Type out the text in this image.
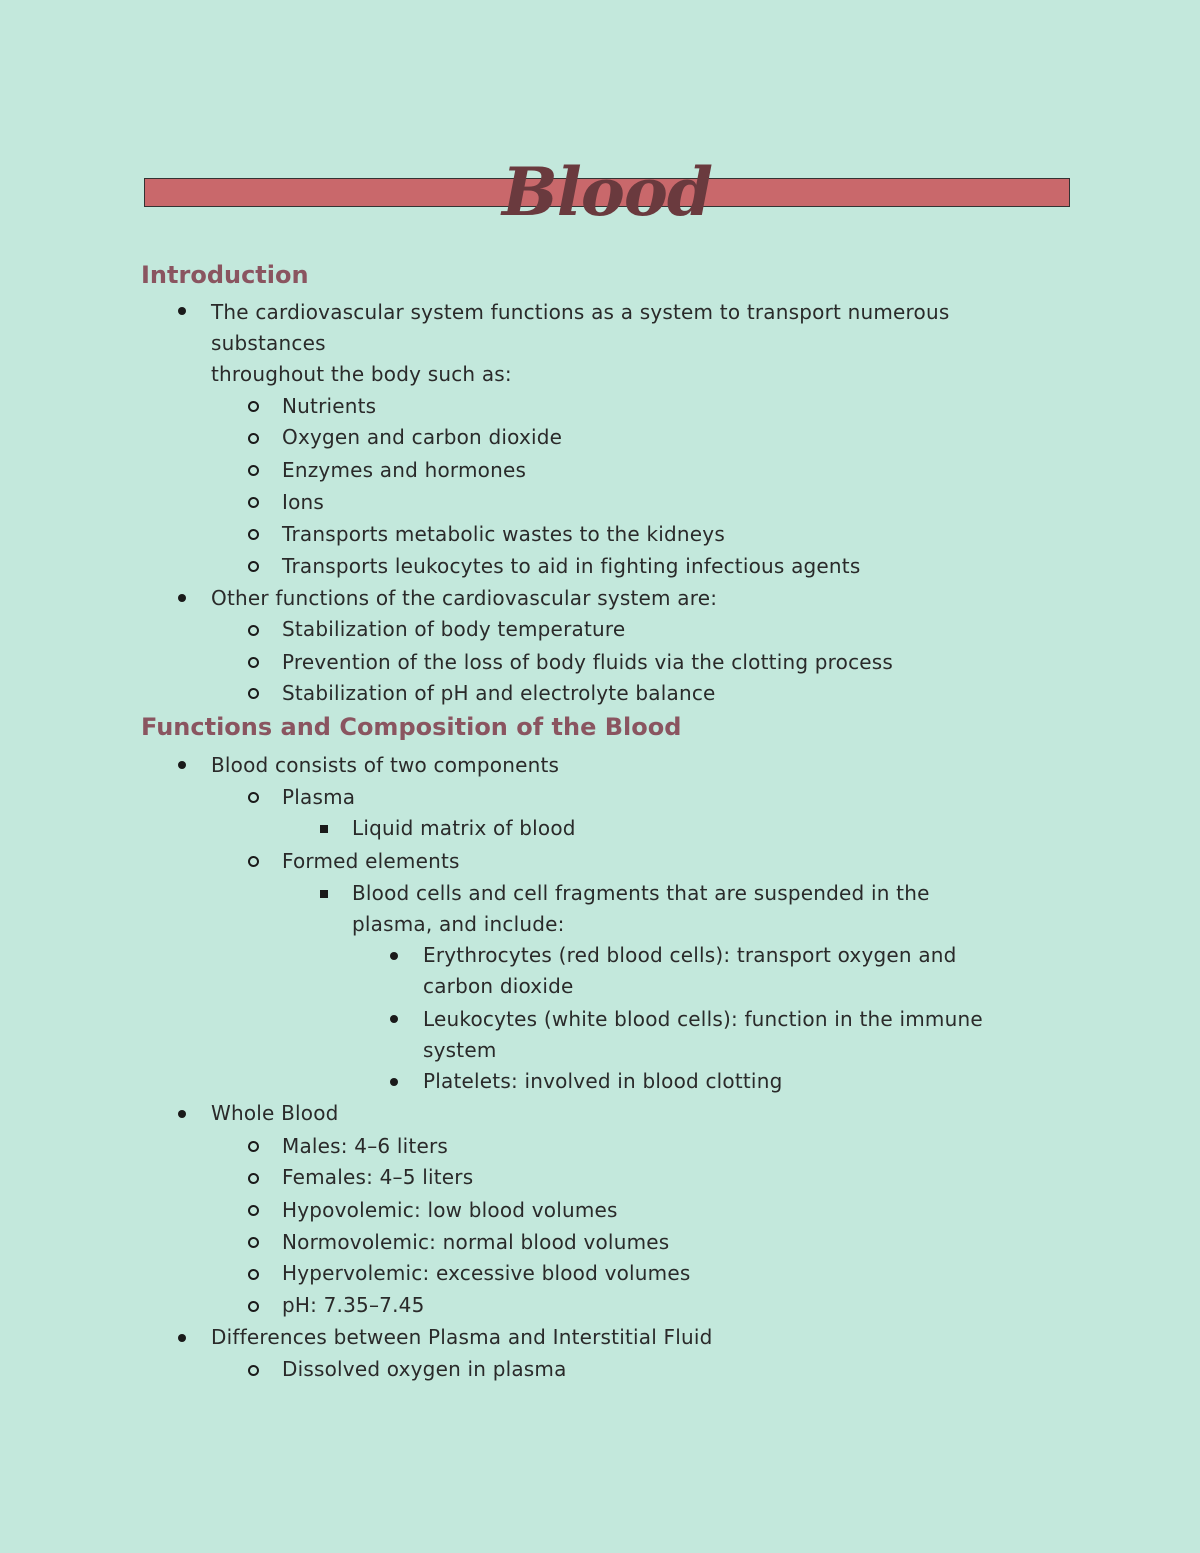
Blood
Introduction
The cardiovascular system functions as a system to transport numerous
substances
throughout the body such as:
Nutrients
Oxygen and carbon dioxide
Enzymes and hormones
Ions
Transports metabolic wastes to the kidneys
Transports leukocytes to aid in fighting infectious agents
Other functions of the cardiovascular system are:
Stabilization of body temperature
Prevention of the loss of body fluids via the clotting process
Stabilization of pH and electrolyte balance
Functions and Composition of the Blood
Blood consists of two components
Plasma
Liquid matrix of blood
Formed elements
Blood cells and cell fragments that are suspended in the
plasma, and include:
Erythrocytes (red blood cells): transport oxygen and
carbon dioxide
Leukocytes (white blood cells): function in the immune
system
Platelets: involved in blood clotting
Whole Blood
Males: 4–6 liters
Females: 4–5 liters
Hypovolemic: low blood volumes
Normovolemic: normal blood volumes
Hypervolemic: excessive blood volumes
pH: 7.35–7.45
Differences between Plasma and Interstitial Fluid
Dissolved oxygen in plasma
